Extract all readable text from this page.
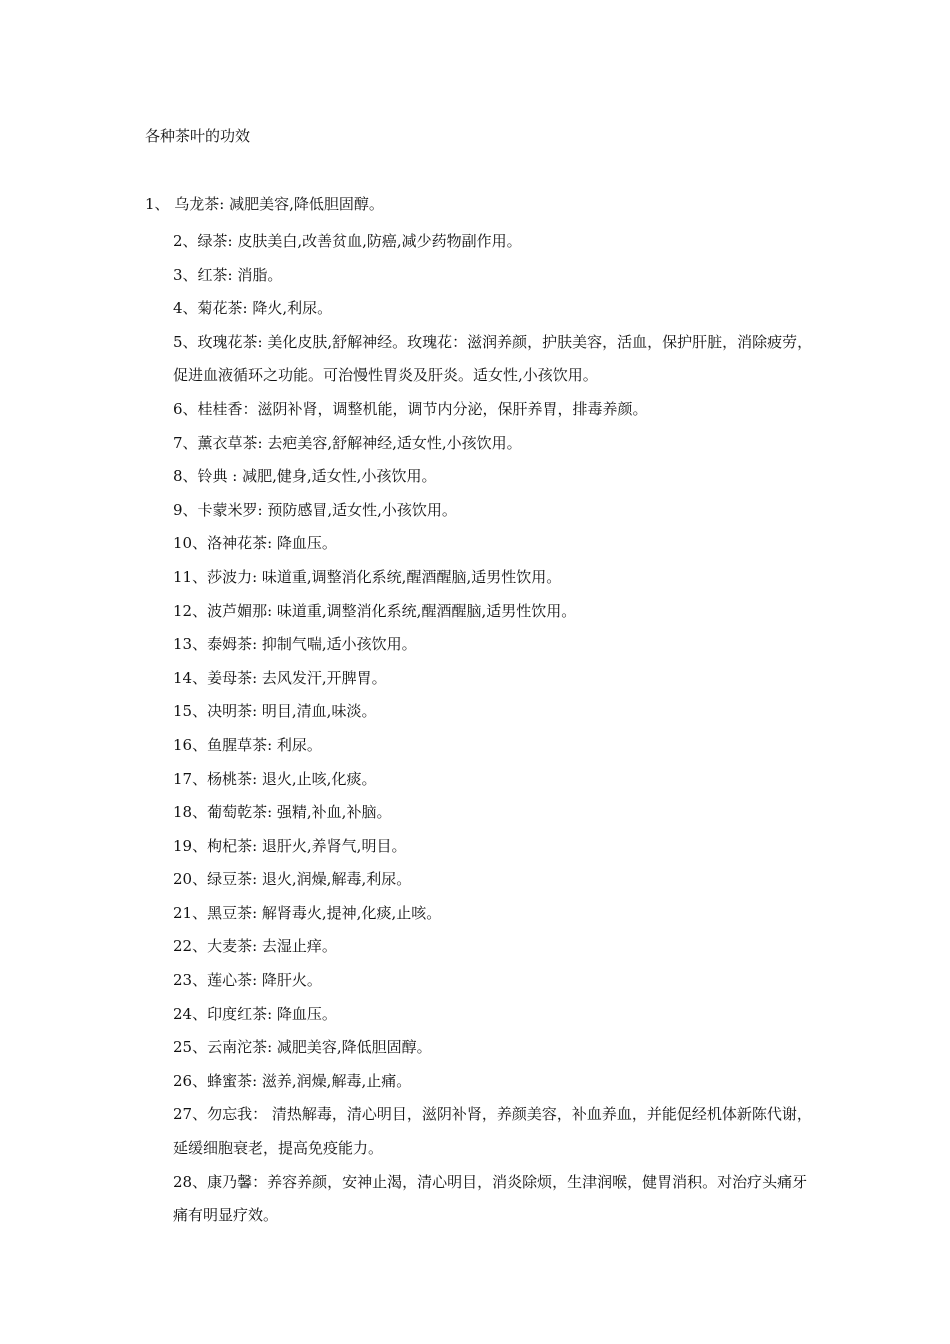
各种茶叶的功效
1、 乌龙茶: 减肥美容,降低胆固醇。
2、绿茶: 皮肤美白,改善贫血,防癌,减少药物副作用。
3、红茶: 消脂。
4、菊花茶: 降火,利尿。
5、玫瑰花茶: 美化皮肤,舒解神经。玫瑰花：滋润养颜，护肤美容，活血，保护肝脏，消除疲劳，促进血液循环之功能。可治慢性胃炎及肝炎。适女性,小孩饮用。
6、桂桂香：滋阴补肾，调整机能，调节内分泌，保肝养胃，排毒养颜。
7、薰衣草茶: 去疤美容,舒解神经,适女性,小孩饮用。
8、铃典 : 减肥,健身,适女性,小孩饮用。
9、卡蒙米罗: 预防感冒,适女性,小孩饮用。
10、洛神花茶: 降血压。
11、莎波力: 味道重,调整消化系统,醒酒醒脑,适男性饮用。
12、波芦媚那: 味道重,调整消化系统,醒酒醒脑,适男性饮用。
13、泰姆茶: 抑制气喘,适小孩饮用。
14、姜母茶: 去风发汗,开脾胃。
15、决明茶: 明目,清血,味淡。
16、鱼腥草茶: 利尿。
17、杨桃茶: 退火,止咳,化痰。
18、葡萄乾茶: 强精,补血,补脑。
19、枸杞茶: 退肝火,养肾气,明目。
20、绿豆茶: 退火,润燥,解毒,利尿。
21、黑豆茶: 解肾毒火,提神,化痰,止咳。
22、大麦茶: 去湿止痒。
23、莲心茶: 降肝火。
24、印度红茶: 降血压。
25、云南沱茶: 减肥美容,降低胆固醇。
26、蜂蜜茶: 滋养,润燥,解毒,止痛。
27、勿忘我： 清热解毒，清心明目，滋阴补肾，养颜美容，补血养血，并能促经机体新陈代谢，延缓细胞衰老，提高免疫能力。
28、康乃馨：养容养颜，安神止渴，清心明目，消炎除烦，生津润喉，健胃消积。对治疗头痛牙痛有明显疗效。
